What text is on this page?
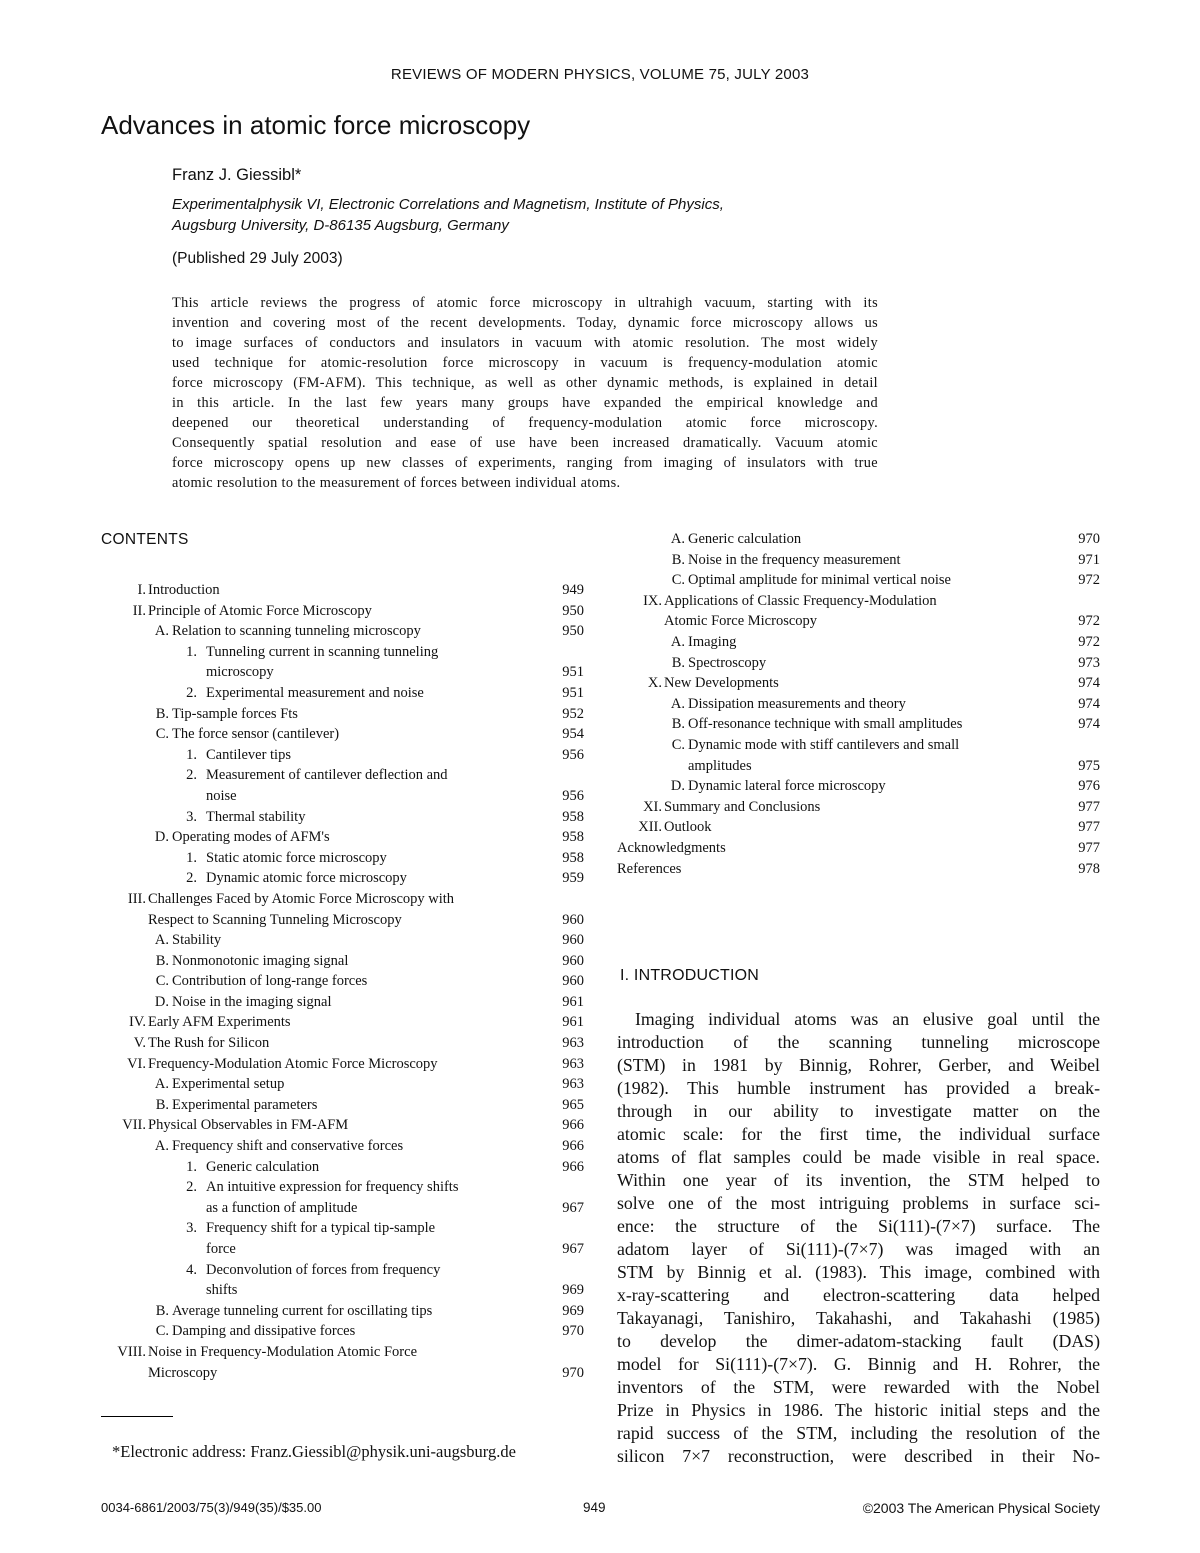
REVIEWS OF MODERN PHYSICS, VOLUME 75, JULY 2003
Advances in atomic force microscopy
Franz J. Giessibl*
Experimentalphysik VI, Electronic Correlations and Magnetism, Institute of Physics,
Augsburg University, D-86135 Augsburg, Germany
(Published 29 July 2003)
This article reviews the progress of atomic force microscopy in ultrahigh vacuum, starting with its
invention and covering most of the recent developments. Today, dynamic force microscopy allows us
to image surfaces of conductors and insulators in vacuum with atomic resolution. The most widely
used technique for atomic-resolution force microscopy in vacuum is frequency-modulation atomic
force microscopy (FM-AFM). This technique, as well as other dynamic methods, is explained in detail
in this article. In the last few years many groups have expanded the empirical knowledge and
deepened our theoretical understanding of frequency-modulation atomic force microscopy.
Consequently spatial resolution and ease of use have been increased dramatically. Vacuum atomic
force microscopy opens up new classes of experiments, ranging from imaging of insulators with true
atomic resolution to the measurement of forces between individual atoms.
CONTENTS
I. Introduction	949
II. Principle of Atomic Force Microscopy	950
A. Relation to scanning tunneling microscopy	950
1. Tunneling current in scanning tunneling
microscopy	951
2. Experimental measurement and noise	951
B. Tip-sample forces Fts	952
C. The force sensor (cantilever)	954
1. Cantilever tips	956
2. Measurement of cantilever deflection and
noise	956
3. Thermal stability	958
D. Operating modes of AFM's	958
1. Static atomic force microscopy	958
2. Dynamic atomic force microscopy	959
III. Challenges Faced by Atomic Force Microscopy with
Respect to Scanning Tunneling Microscopy	960
A. Stability	960
B. Nonmonotonic imaging signal	960
C. Contribution of long-range forces	960
D. Noise in the imaging signal	961
IV. Early AFM Experiments	961
V. The Rush for Silicon	963
VI. Frequency-Modulation Atomic Force Microscopy	963
A. Experimental setup	963
B. Experimental parameters	965
VII. Physical Observables in FM-AFM	966
A. Frequency shift and conservative forces	966
1. Generic calculation	966
2. An intuitive expression for frequency shifts
as a function of amplitude	967
3. Frequency shift for a typical tip-sample
force	967
4. Deconvolution of forces from frequency
shifts	969
B. Average tunneling current for oscillating tips	969
C. Damping and dissipative forces	970
VIII. Noise in Frequency-Modulation Atomic Force
Microscopy	970
A. Generic calculation	970
B. Noise in the frequency measurement	971
C. Optimal amplitude for minimal vertical noise	972
IX. Applications of Classic Frequency-Modulation
Atomic Force Microscopy	972
A. Imaging	972
B. Spectroscopy	973
X. New Developments	974
A. Dissipation measurements and theory	974
B. Off-resonance technique with small amplitudes	974
C. Dynamic mode with stiff cantilevers and small
amplitudes	975
D. Dynamic lateral force microscopy	976
XI. Summary and Conclusions	977
XII. Outlook	977
Acknowledgments	977
References	978
I. INTRODUCTION
Imaging individual atoms was an elusive goal until the
introduction of the scanning tunneling microscope
(STM) in 1981 by Binnig, Rohrer, Gerber, and Weibel
(1982). This humble instrument has provided a break-
through in our ability to investigate matter on the
atomic scale: for the first time, the individual surface
atoms of flat samples could be made visible in real space.
Within one year of its invention, the STM helped to
solve one of the most intriguing problems in surface sci-
ence: the structure of the Si(111)-(7×7) surface. The
adatom layer of Si(111)-(7×7) was imaged with an
STM by Binnig et al. (1983). This image, combined with
x-ray-scattering and electron-scattering data helped
Takayanagi, Tanishiro, Takahashi, and Takahashi (1985)
to develop the dimer-adatom-stacking fault (DAS)
model for Si(111)-(7×7). G. Binnig and H. Rohrer, the
inventors of the STM, were rewarded with the Nobel
Prize in Physics in 1986. The historic initial steps and the
rapid success of the STM, including the resolution of the
silicon 7×7 reconstruction, were described in their No-
*Electronic address: Franz.Giessibl@physik.uni-augsburg.de
0034-6861/2003/75(3)/949(35)/$35.00	949	©2003 The American Physical Society
